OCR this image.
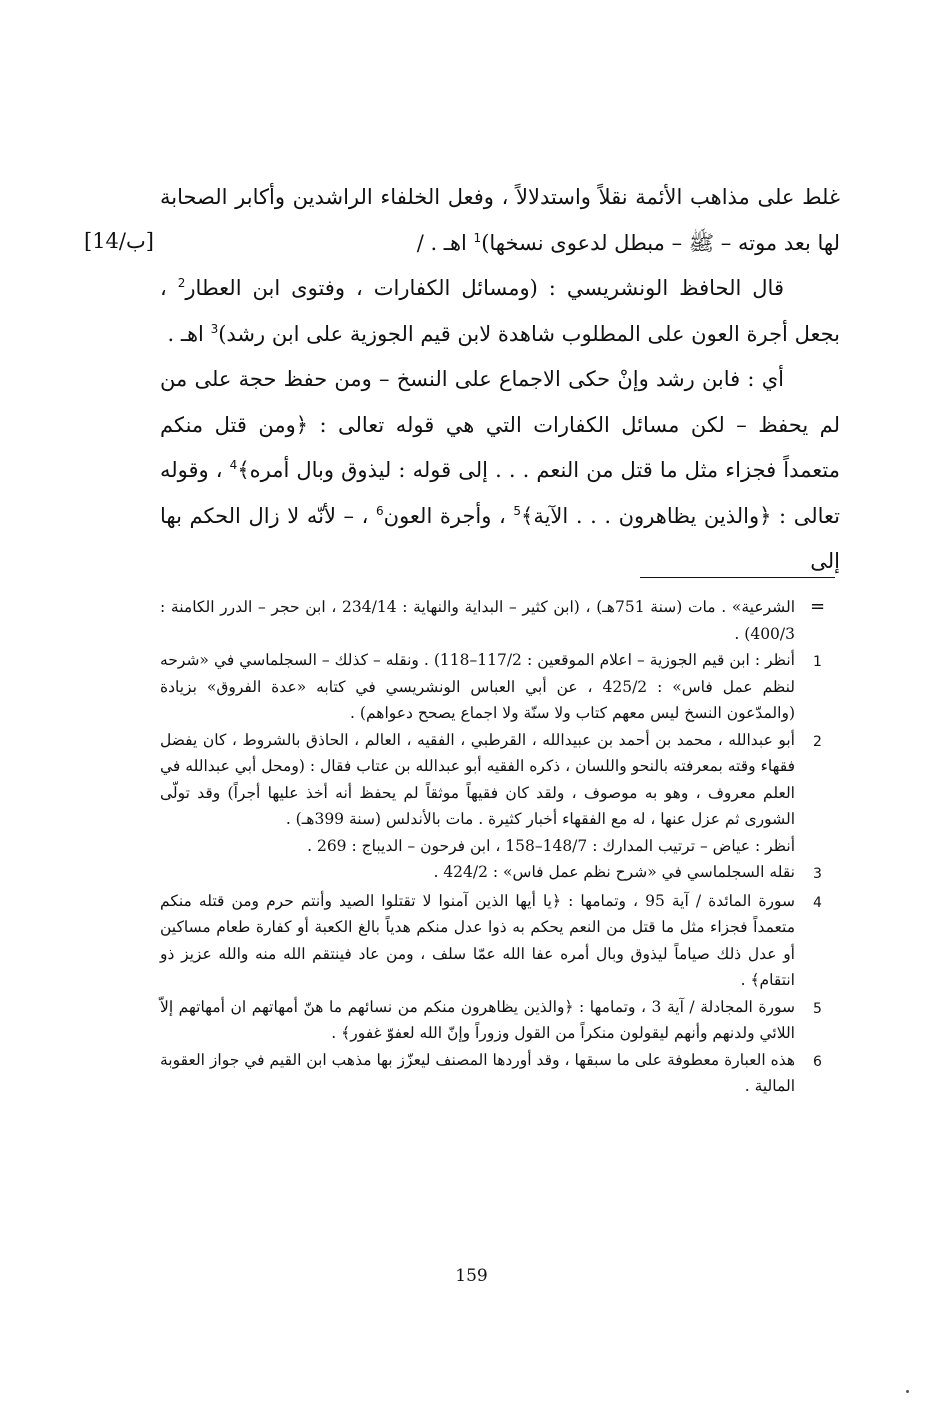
[14/ب]

غلط على مذاهب الأئمة نقلاً واستدلالاً ، وفعل الخلفاء الراشدين وأكابر الصحابة لها بعد موته – ﷺ – مبطل لدعوى نسخها)$^1$ اهـ . /

قال الحافظ الونشريسي : (ومسائل الكفارات ، وفتوى ابن العطار$^2$ ، بجعل أجرة العون على المطلوب شاهدة لابن قيم الجوزية على ابن رشد)$^3$ اهـ .

أي : فابن رشد وإنْ حكى الاجماع على النسخ – ومن حفظ حجة على من لم يحفظ – لكن مسائل الكفارات التي هي قوله تعالى : ﴿ومن قتل منكم متعمداً فجزاء مثل ما قتل من النعم . . . إلى قوله : ليذوق وبال أمره﴾$^4$ ، وقوله تعالى : ﴿والذين يظاهرون . . . الآية﴾$^5$ ، وأجرة العون$^6$ ، – لأنّه لا زال الحكم بها إلى

=
الشرعية» . مات (سنة 751هـ) ، (ابن كثير – البداية والنهاية : 234/14 ، ابن حجر – الدرر الكامنة : 400/3) .
1
أنظر : ابن قيم الجوزية – اعلام الموقعين : 117/2–118) . ونقله – كذلك – السجلماسي في «شرحه لنظم عمل فاس» : 425/2 ، عن أبي العباس الونشريسي في كتابه «عدة الفروق» بزيادة (والمدّعون النسخ ليس معهم كتاب ولا سنّة ولا اجماع يصحح دعواهم) .
2
أبو عبدالله ، محمد بن أحمد بن عبيدالله ، القرطبي ، الفقيه ، العالم ، الحاذق بالشروط ، كان يفضل فقهاء وقته بمعرفته بالنحو واللسان ، ذكره الفقيه أبو عبدالله بن عتاب فقال : (ومحل أبي عبدالله في العلم معروف ، وهو به موصوف ، ولقد كان فقيهاً موثقاً لم يحفظ أنه أخذ عليها أجراً) وقد تولّى الشورى ثم عزل عنها ، له مع الفقهاء أخبار كثيرة . مات بالأندلس (سنة 399هـ) .
أنظر : عياض – ترتيب المدارك : 148/7–158 ، ابن فرحون – الديباج : 269 .
3
نقله السجلماسي في «شرح نظم عمل فاس» : 424/2 .
4
سورة المائدة / آية 95 ، وتمامها : ﴿يا أيها الذين آمنوا لا تقتلوا الصيد وأنتم حرم ومن قتله منكم متعمداً فجزاء مثل ما قتل من النعم يحكم به ذوا عدل منكم هدياً بالغ الكعبة أو كفارة طعام مساكين أو عدل ذلك صياماً ليذوق وبال أمره عفا الله عمّا سلف ، ومن عاد فينتقم الله منه والله عزيز ذو انتقام﴾ .
5
سورة المجادلة / آية 3 ، وتمامها : ﴿والذين يظاهرون منكم من نسائهم ما هنّ أمهاتهم ان أمهاتهم إلاّ اللائي ولدنهم وأنهم ليقولون منكراً من القول وزوراً وإنّ الله لعفوّ غفور﴾ .
6
هذه العبارة معطوفة على ما سبقها ، وقد أوردها المصنف ليعزّز بها مذهب ابن القيم في جواز العقوبة المالية .
159
